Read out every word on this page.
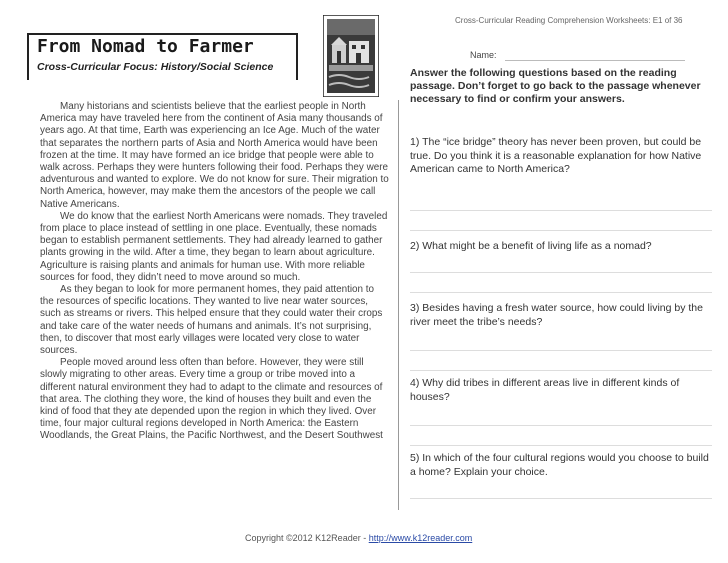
Cross-Curricular Reading Comprehension Worksheets: E1 of 36
From Nomad to Farmer
Cross-Curricular Focus: History/Social Science
Name:
Answer the following questions based on the reading passage. Don’t forget to go back to the passage whenever necessary to find or confirm your answers.

Many historians and scientists believe that the earliest people in North America may have traveled here from the continent of Asia many thousands of years ago. At that time, Earth was experiencing an Ice Age. Much of the water that separates the northern parts of Asia and North America would have been frozen at the time. It may have formed an ice bridge that people were able to walk across. Perhaps they were hunters following their food. Perhaps they were adventurous and wanted to explore. We do not know for sure. Their migration to North America, however, may make them the ancestors of the people we call Native Americans.

We do know that the earliest North Americans were nomads. They traveled from place to place instead of settling in one place. Eventually, these nomads began to establish permanent settlements. They had already learned to gather plants growing in the wild. After a time, they began to learn about agriculture. Agriculture is raising plants and animals for human use. With more reliable sources for food, they didn’t need to move around so much.

As they began to look for more permanent homes, they paid attention to the resources of specific locations. They wanted to live near water sources, such as streams or rivers. This helped ensure that they could water their crops and take care of the water needs of humans and animals. It’s not surprising, then, to discover that most early villages were located very close to water sources.

People moved around less often than before. However, they were still slowly migrating to other areas. Every time a group or tribe moved into a different natural environment they had to adapt to the climate and resources of that area. The clothing they wore, the kind of houses they built and even the kind of food that they ate depended upon the region in which they lived. Over time, four major cultural regions developed in North America: the Eastern Woodlands, the Great Plains, the Pacific Northwest, and the Desert Southwest

1) The “ice bridge” theory has never been proven, but could be true. Do you think it is a reasonable explanation for how Native American came to North America?
2) What might be a benefit of living life as a nomad?
3) Besides having a fresh water source, how could living by the river meet the tribe’s needs?
4) Why did tribes in different areas live in different kinds of houses?
5) In which of the four cultural regions would you choose to build a home? Explain your choice.
Copyright ©2012 K12Reader - http://www.k12reader.com
